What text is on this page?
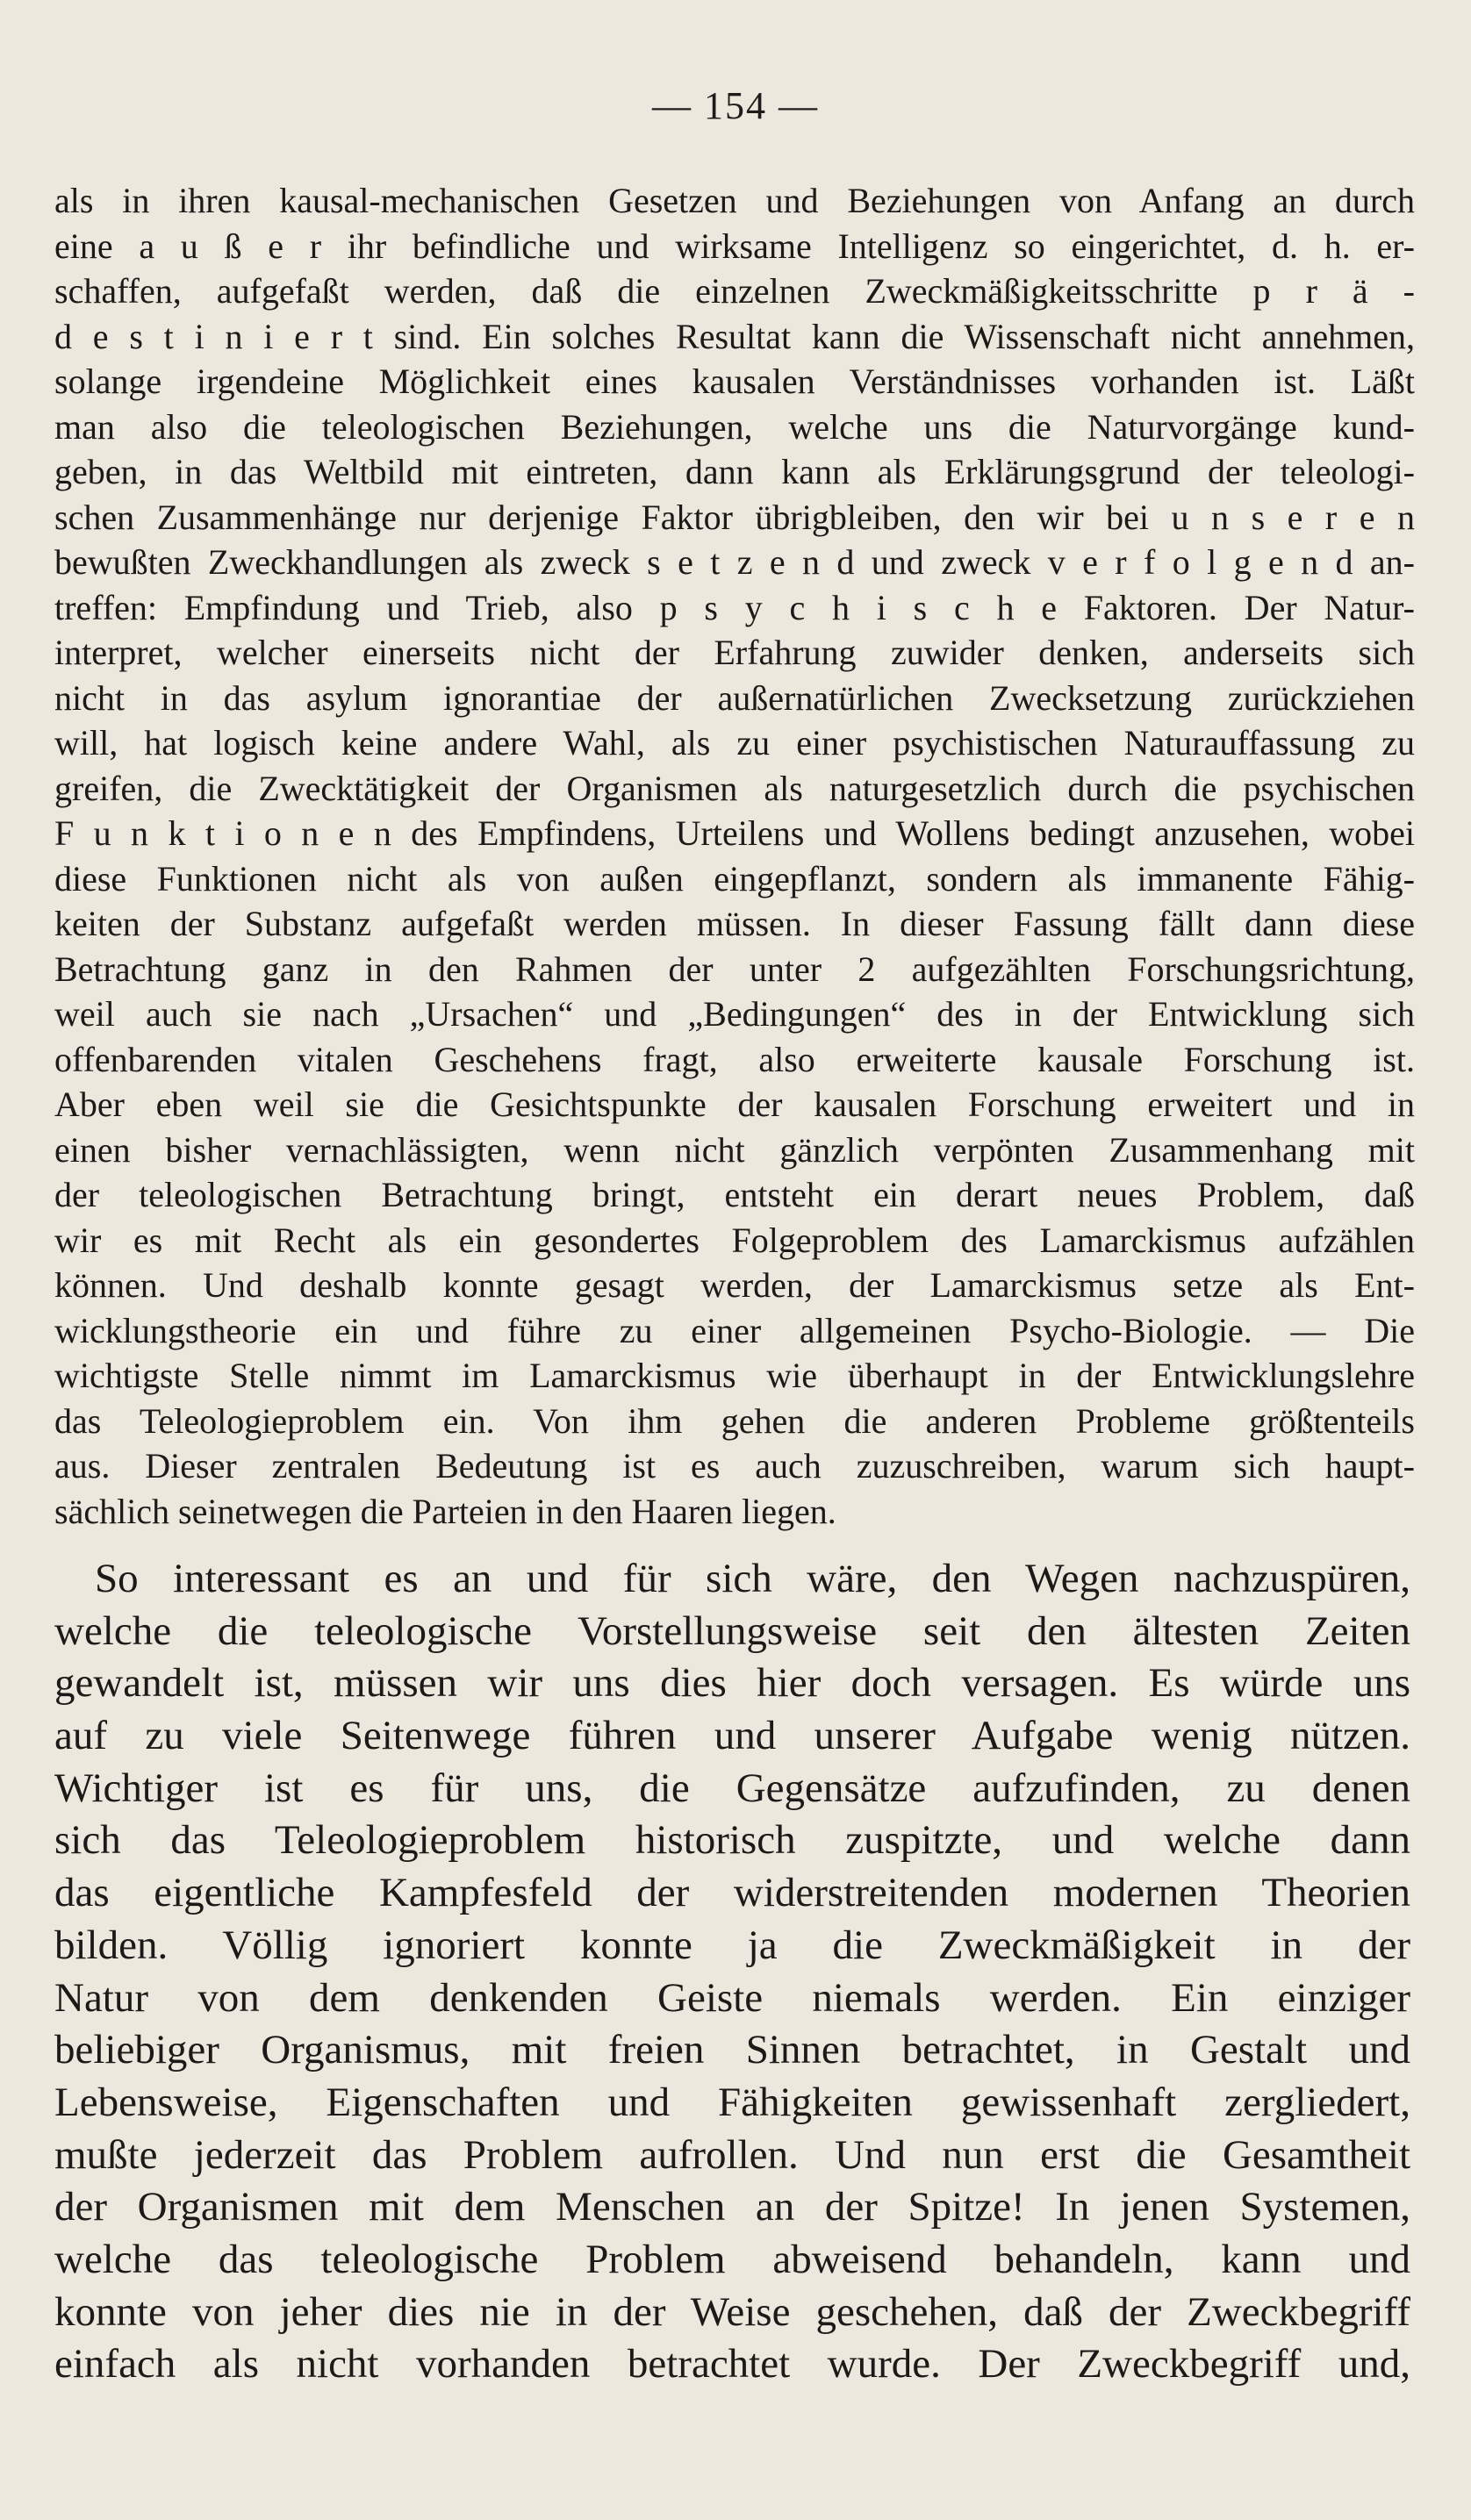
— 154 —
als in ihren kausal-mechanischen Gesetzen und Beziehungen von Anfang an durch
eine a u ß e r ihr befindliche und wirksame Intelligenz so eingerichtet, d. h. er-
schaffen, aufgefaßt werden, daß die einzelnen Zweckmäßigkeitsschritte p r ä -
d e s t i n i e r t sind. Ein solches Resultat kann die Wissenschaft nicht annehmen,
solange irgendeine Möglichkeit eines kausalen Verständnisses vorhanden ist. Läßt
man also die teleologischen Beziehungen, welche uns die Naturvorgänge kund-
geben, in das Weltbild mit eintreten, dann kann als Erklärungsgrund der teleologi-
schen Zusammenhänge nur derjenige Faktor übrigbleiben, den wir bei u n s e r e n
bewußten Zweckhandlungen als zweck s e t z e n d und zweck v e r f o l g e n d an-
treffen: Empfindung und Trieb, also p s y c h i s c h e Faktoren. Der Natur-
interpret, welcher einerseits nicht der Erfahrung zuwider denken, anderseits sich
nicht in das asylum ignorantiae der außernatürlichen Zwecksetzung zurückziehen
will, hat logisch keine andere Wahl, als zu einer psychistischen Naturauffassung zu
greifen, die Zwecktätigkeit der Organismen als naturgesetzlich durch die psychischen
F u n k t i o n e n des Empfindens, Urteilens und Wollens bedingt anzusehen, wobei
diese Funktionen nicht als von außen eingepflanzt, sondern als immanente Fähig-
keiten der Substanz aufgefaßt werden müssen. In dieser Fassung fällt dann diese
Betrachtung ganz in den Rahmen der unter 2 aufgezählten Forschungsrichtung,
weil auch sie nach „Ursachen“ und „Bedingungen“ des in der Entwicklung sich
offenbarenden vitalen Geschehens fragt, also erweiterte kausale Forschung ist.
Aber eben weil sie die Gesichtspunkte der kausalen Forschung erweitert und in
einen bisher vernachlässigten, wenn nicht gänzlich verpönten Zusammenhang mit
der teleologischen Betrachtung bringt, entsteht ein derart neues Problem, daß
wir es mit Recht als ein gesondertes Folgeproblem des Lamarckismus aufzählen
können. Und deshalb konnte gesagt werden, der Lamarckismus setze als Ent-
wicklungstheorie ein und führe zu einer allgemeinen Psycho-Biologie. — Die
wichtigste Stelle nimmt im Lamarckismus wie überhaupt in der Entwicklungslehre
das Teleologieproblem ein. Von ihm gehen die anderen Probleme größtenteils
aus. Dieser zentralen Bedeutung ist es auch zuzuschreiben, warum sich haupt-
sächlich seinetwegen die Parteien in den Haaren liegen.
So interessant es an und für sich wäre, den Wegen nachzuspüren,
welche die teleologische Vorstellungsweise seit den ältesten Zeiten
gewandelt ist, müssen wir uns dies hier doch versagen. Es würde uns
auf zu viele Seitenwege führen und unserer Aufgabe wenig nützen.
Wichtiger ist es für uns, die Gegensätze aufzufinden, zu denen
sich das Teleologieproblem historisch zuspitzte, und welche dann
das eigentliche Kampfesfeld der widerstreitenden modernen Theorien
bilden. Völlig ignoriert konnte ja die Zweckmäßigkeit in der
Natur von dem denkenden Geiste niemals werden. Ein einziger
beliebiger Organismus, mit freien Sinnen betrachtet, in Gestalt und
Lebensweise, Eigenschaften und Fähigkeiten gewissenhaft zergliedert,
mußte jederzeit das Problem aufrollen. Und nun erst die Gesamtheit
der Organismen mit dem Menschen an der Spitze! In jenen Systemen,
welche das teleologische Problem abweisend behandeln, kann und
konnte von jeher dies nie in der Weise geschehen, daß der Zweckbegriff
einfach als nicht vorhanden betrachtet wurde. Der Zweckbegriff und,
